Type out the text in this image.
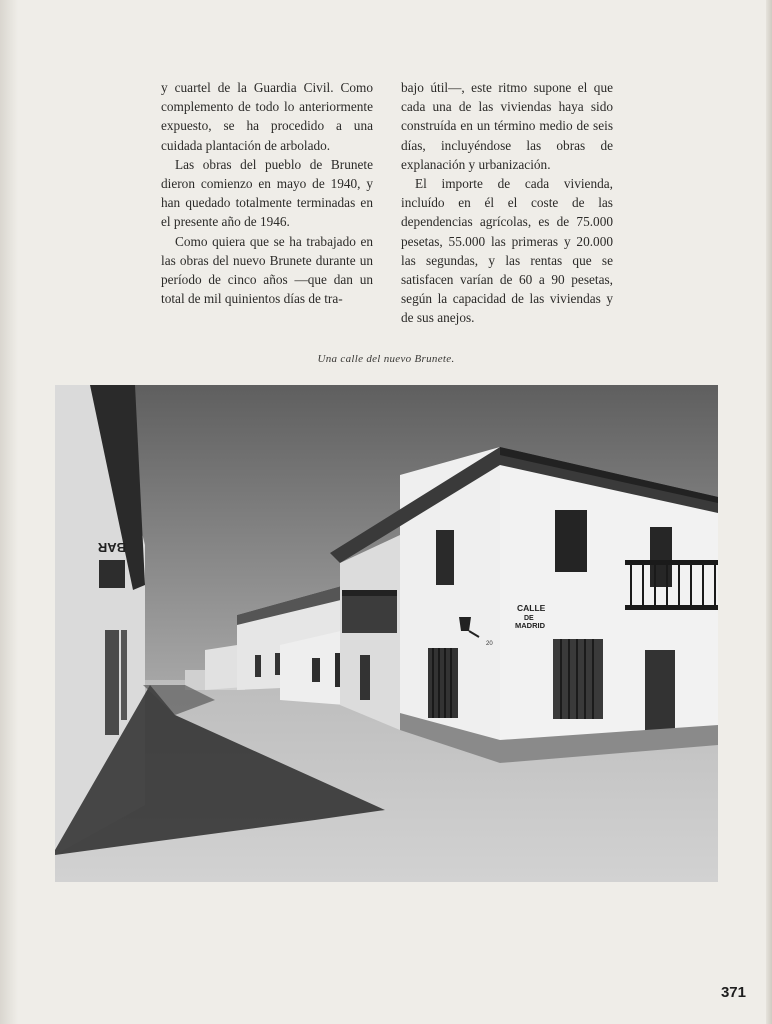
y cuartel de la Guardia Civil. Como complemento de todo lo anteriormente expuesto, se ha procedido a una cuidada plantación de arbolado.

Las obras del pueblo de Brunete dieron comienzo en mayo de 1940, y han quedado totalmente terminadas en el presente año de 1946.

Como quiera que se ha trabajado en las obras del nuevo Brunete durante un período de cinco años —que dan un total de mil quinientos días de tra-

bajo útil—, este ritmo supone el que cada una de las viviendas haya sido construída en un término medio de seis días, incluyéndose las obras de explanación y urbanización.

El importe de cada vivienda, incluído en él el coste de las dependencias agrícolas, es de 75.000 pesetas, 55.000 las primeras y 20.000 las segundas, y las rentas que se satisfacen varían de 60 a 90 pesetas, según la capacidad de las viviendas y de sus anejos.

Una calle del nuevo Brunete.
CALLE
DE
MADRID
20
BAR
371
